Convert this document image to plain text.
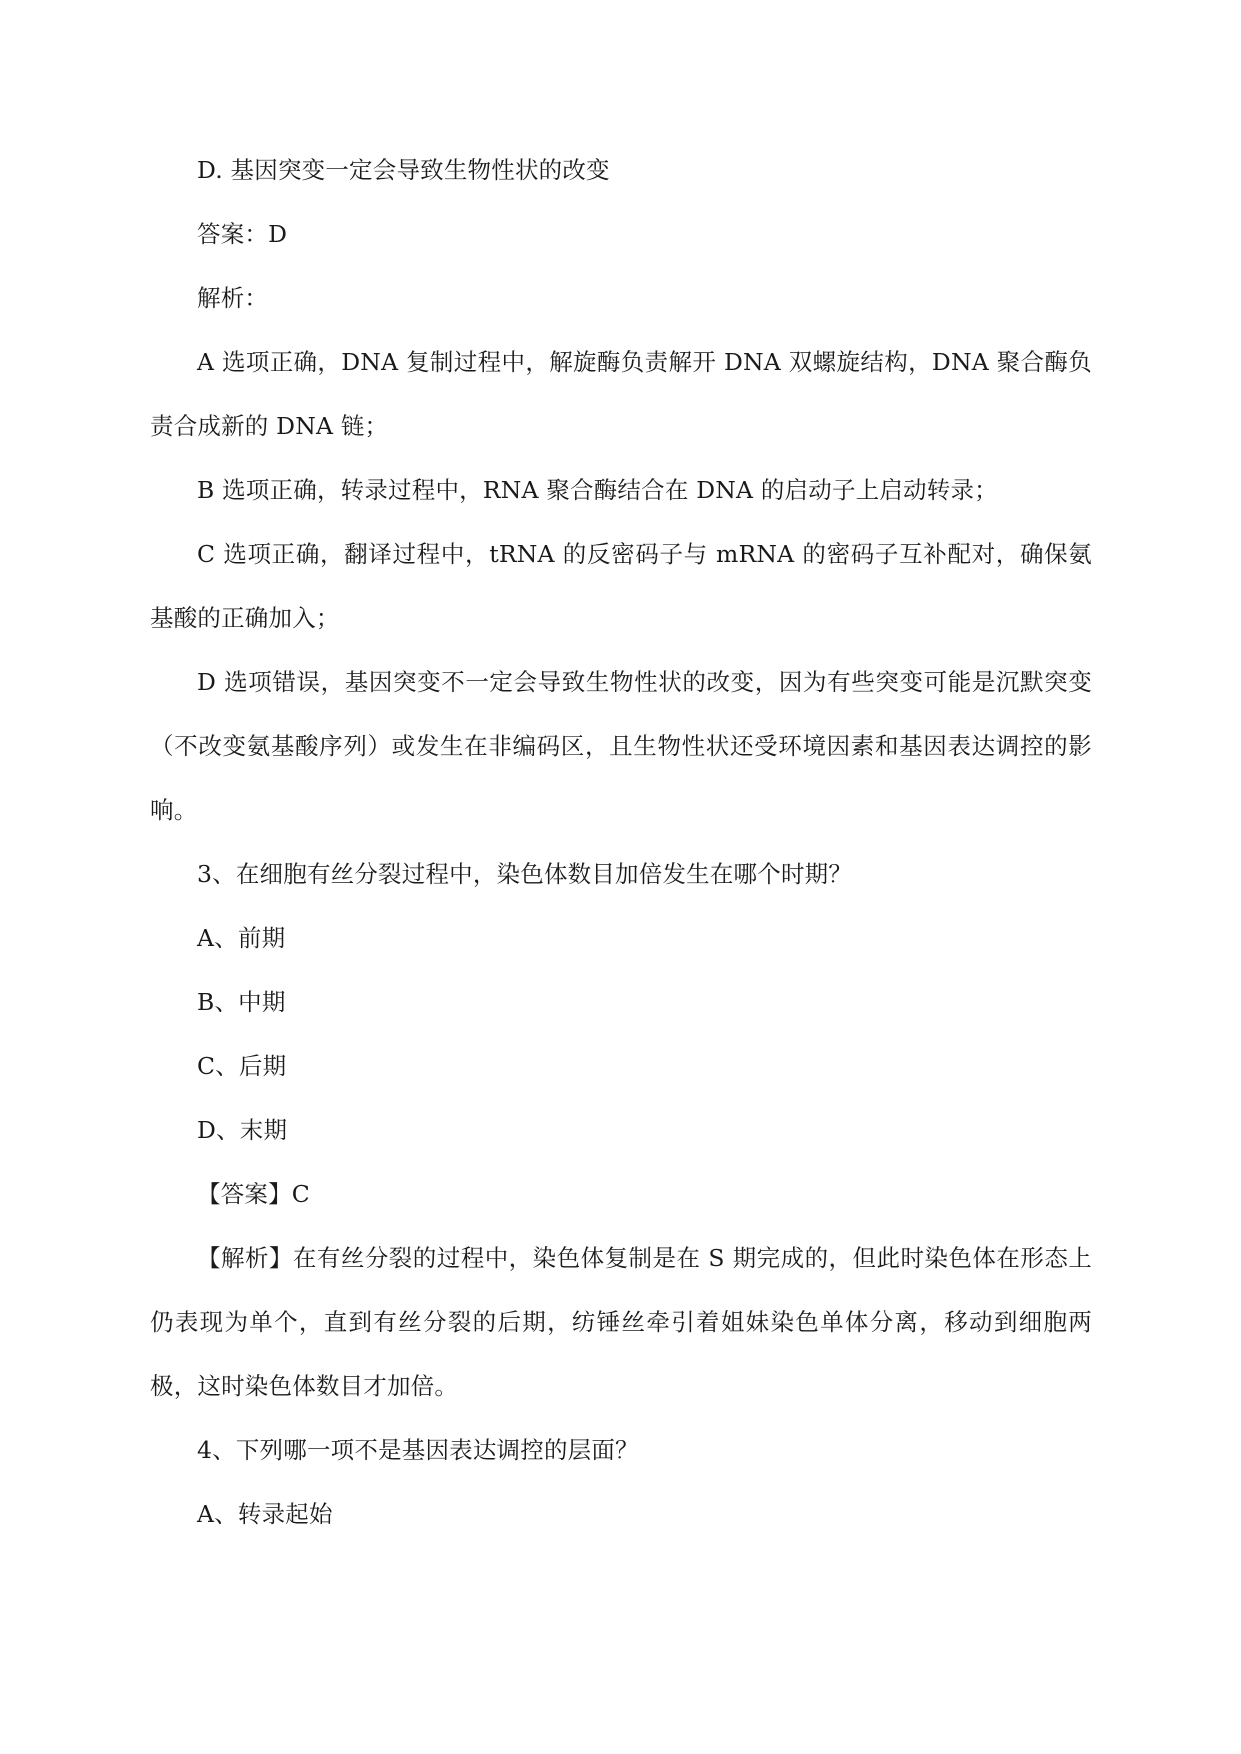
D. 基因突变一定会导致生物性状的改变

答案：D

解析：

A 选项正确，DNA 复制过程中，解旋酶负责解开 DNA 双螺旋结构，DNA 聚合酶负责合成新的 DNA 链；

B 选项正确，转录过程中，RNA 聚合酶结合在 DNA 的启动子上启动转录；

C 选项正确，翻译过程中，tRNA 的反密码子与 mRNA 的密码子互补配对，确保氨基酸的正确加入；

D 选项错误，基因突变不一定会导致生物性状的改变，因为有些突变可能是沉默突变（不改变氨基酸序列）或发生在非编码区，且生物性状还受环境因素和基因表达调控的影响。

3、在细胞有丝分裂过程中，染色体数目加倍发生在哪个时期？

A、前期

B、中期

C、后期

D、末期

【答案】C

【解析】在有丝分裂的过程中，染色体复制是在 S 期完成的，但此时染色体在形态上仍表现为单个，直到有丝分裂的后期，纺锤丝牵引着姐妹染色单体分离，移动到细胞两极，这时染色体数目才加倍。

4、下列哪一项不是基因表达调控的层面？

A、转录起始
